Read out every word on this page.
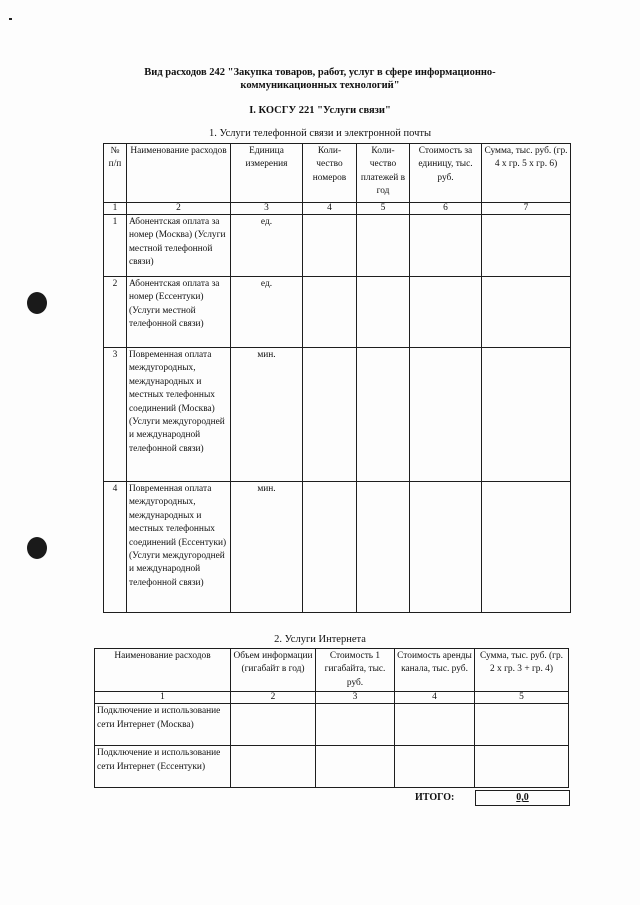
Вид расходов 242 "Закупка товаров, работ, услуг в сфере информационно-
коммуникационных технологий"
I. КОСГУ 221 "Услуги связи"
1. Услуги телефонной связи и электронной почты
№ п/п	Наименование расходов	Единица измерения	Коли-чество номеров	Коли-чество платежей в год	Стоимость за единицу, тыс. руб.	Сумма, тыс. руб. (гр. 4 х гр. 5 х гр. 6)
1	2	3	4	5	6	7
1	Абонентская оплата за номер (Москва) (Услуги местной телефонной связи)	ед.				
2	Абонентская оплата за номер (Ессентуки)(Услуги местной телефонной связи)	ед.				
3	Повременная оплата междугородных, международных и местных телефонных соединений (Москва) (Услуги междугородней и международной телефонной связи)	мин.				
4	Повременная оплата междугородных, международных и местных телефонных соединений (Ессентуки) (Услуги междугородней и международной телефонной связи)	мин.				
2. Услуги Интернета
Наименование расходов	Объем информации (гигабайт в год)	Стоимость 1 гигабайта, тыс. руб.	Стоимость аренды канала, тыс. руб.	Сумма, тыс. руб. (гр. 2 х гр. 3 + гр. 4)
1	2	3	4	5
Подключение и использование сети Интернет (Москва)				
Подключение и использование сети Интернет (Ессентуки)				
ИТОГО:	0,0
